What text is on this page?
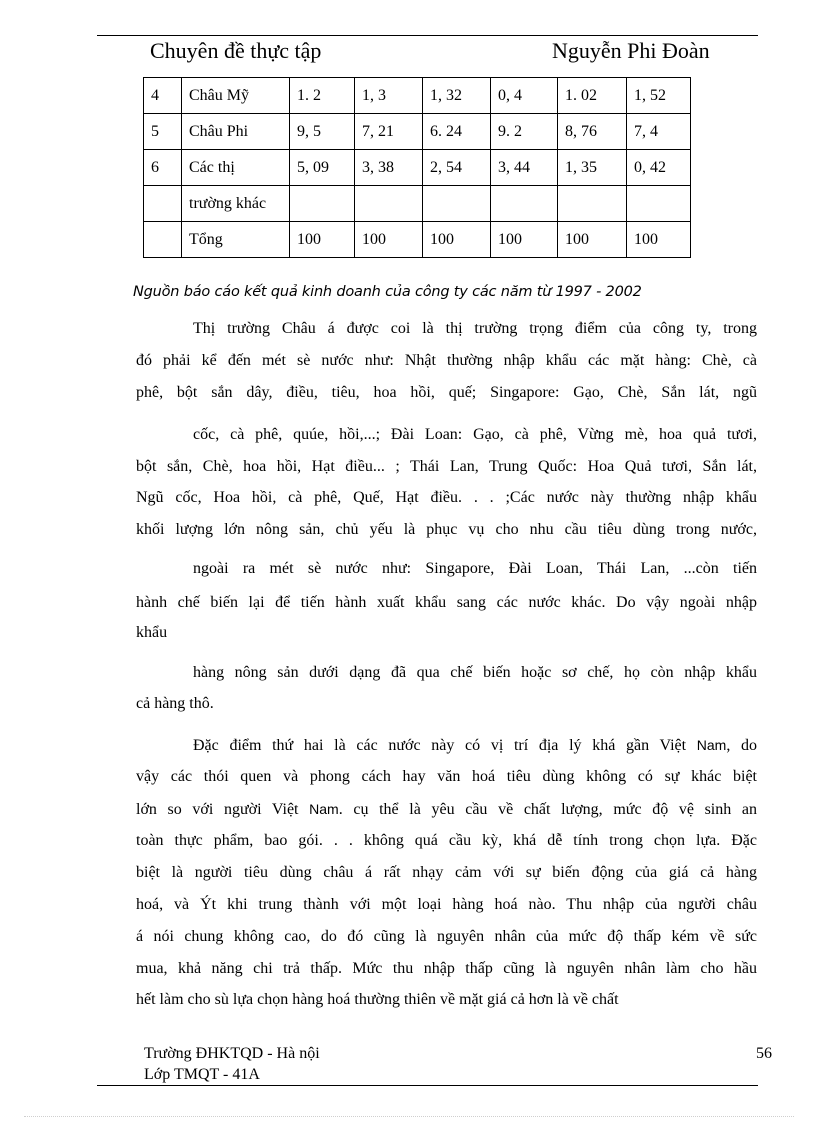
Chuyên đề thực tập	Nguyễn Phi Đoàn
4	Châu Mỹ	1. 2	1, 3	1, 32	0, 4	1. 02	1, 52
5	Châu Phi	9, 5	7, 21	6. 24	9. 2	8, 76	7, 4
6	Các thị	5, 09	3, 38	2, 54	3, 44	1, 35	0, 42
	trường khác						
	Tổng	100	100	100	100	100	100
Nguồn báo cáo kết quả kinh doanh của công ty các năm từ 1997 - 2002
Thị trường Châu á được coi là thị trường trọng điểm của công ty, trong
đó phải kể đến mét sè nước như: Nhật thường nhập khẩu các mặt hàng: Chè, cà
phê, bột sắn dây, điều, tiêu, hoa hồi, quế; Singapore: Gạo, Chè, Sắn lát, ngũ
cốc, cà phê, quúe, hồi,...; Đài Loan: Gạo, cà phê, Vừng mè, hoa quả tươi,
bột sắn, Chè, hoa hồi, Hạt điều... ; Thái Lan, Trung Quốc: Hoa Quả tươi, Sắn lát,
Ngũ cốc, Hoa hồi, cà phê, Quế, Hạt điều. . . ;Các nước này thường nhập khẩu
khối lượng lớn nông sản, chủ yếu là phục vụ cho nhu cầu tiêu dùng trong nước,
ngoài ra mét sè nước như: Singapore, Đài Loan, Thái Lan, ...còn tiến
hành chế biến lại để tiến hành xuất khẩu sang các nước khác. Do vậy ngoài nhập
khẩu
hàng nông sản dưới dạng đã qua chế biến hoặc sơ chế, họ còn nhập khẩu
cả hàng thô.
Đặc điểm thứ hai là các nước này có vị trí địa lý khá gần Việt Nam, do
vậy các thói quen và phong cách hay văn hoá tiêu dùng không có sự khác biệt
lớn so với người Việt Nam. cụ thể là yêu cầu về chất lượng, mức độ vệ sinh an
toàn thực phẩm, bao gói. . . không quá cầu kỳ, khá dễ tính trong chọn lựa. Đặc
biệt là người tiêu dùng châu á rất nhạy cảm với sự biến động của giá cả hàng
hoá, và Ýt khi trung thành với một loại hàng hoá nào. Thu nhập của người châu
á nói chung không cao, do đó cũng là nguyên nhân của mức độ thấp kém về sức
mua, khả năng chi trả thấp. Mức thu nhập thấp cũng là nguyên nhân làm cho hầu
hết làm cho sù lựa chọn hàng hoá thường thiên về mặt giá cả hơn là về chất
Trường ĐHKTQD - Hà nội
Lớp TMQT - 41A
56
